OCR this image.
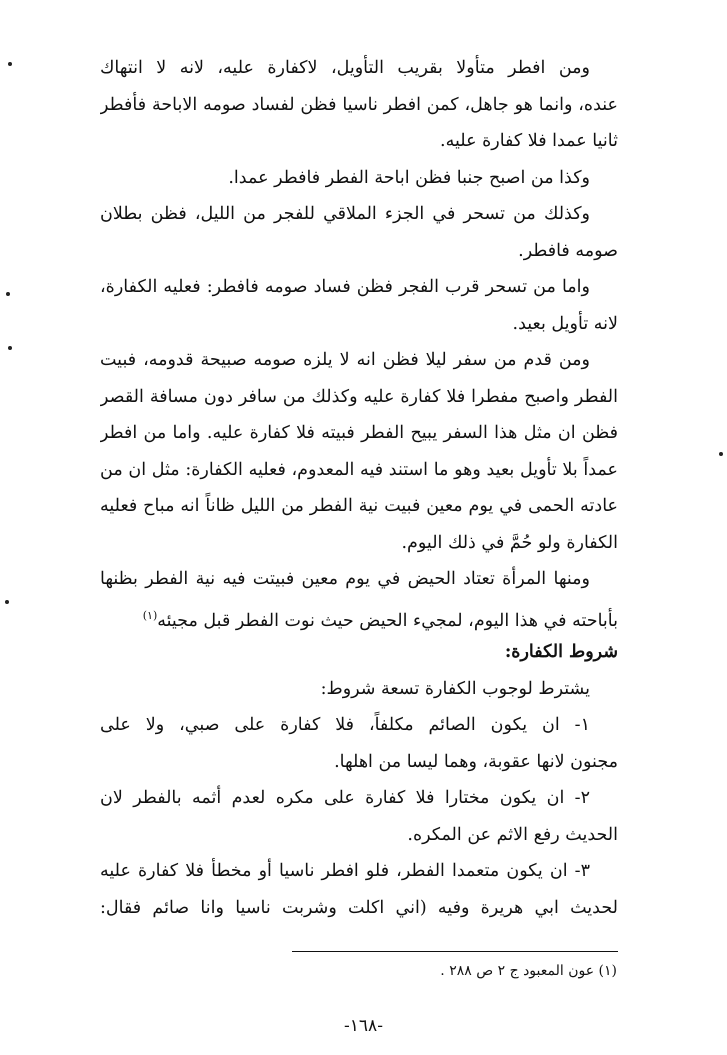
ومن افطر متأولا بقريب التأويل، لاكفارة عليه، لانه لا انتهاك
عنده، وانما هو جاهل، كمن افطر ناسيا فظن لفساد صومه الاباحة فأفطر
ثانيا عمدا فلا كفارة عليه.
وكذا من اصبح جنبا فظن اباحة الفطر فافطر عمدا.
وكذلك من تسحر في الجزء الملاقي للفجر من الليل، فظن بطلان
صومه فافطر.
واما من تسحر قرب الفجر فظن فساد صومه فافطر: فعليه الكفارة،
لانه تأويل بعيد.
ومن قدم من سفر ليلا فظن انه لا يلزه صومه صبيحة قدومه، فبيت
الفطر واصبح مفطرا فلا كفارة عليه وكذلك من سافر دون مسافة القصر
فظن ان مثل هذا السفر يبيح الفطر فبيته فلا كفارة عليه. واما من افطر
عمداً بلا تأويل بعيد وهو ما استند فيه المعدوم، فعليه الكفارة: مثل ان من
عادته الحمى في يوم معين فبيت نية الفطر من الليل ظاناً انه مباح فعليه
الكفارة ولو حُمَّ في ذلك اليوم.
ومنها المرأة تعتاد الحيض في يوم معين فبيتت فيه نية الفطر بظنها
بأباحته في هذا اليوم، لمجيء الحيض حيث نوت الفطر قبل مجيئه$^{(١)}$
شروط الكفارة:
يشترط لوجوب الكفارة تسعة شروط:
١- ان يكون الصائم مكلفاً، فلا كفارة على صبي، ولا على
مجنون لانها عقوبة، وهما ليسا من اهلها.
٢- ان يكون مختارا فلا كفارة على مكره لعدم أثمه بالفطر لان
الحديث رفع الاثم عن المكره.
٣- ان يكون متعمدا الفطر، فلو افطر ناسيا أو مخطأ فلا كفارة عليه
لحديث ابي هريرة وفيه (اني اكلت وشربت ناسيا وانا صائم فقال:
(١) عون المعبود ج ٢ ص ٢٨٨ .
-١٦٨-
